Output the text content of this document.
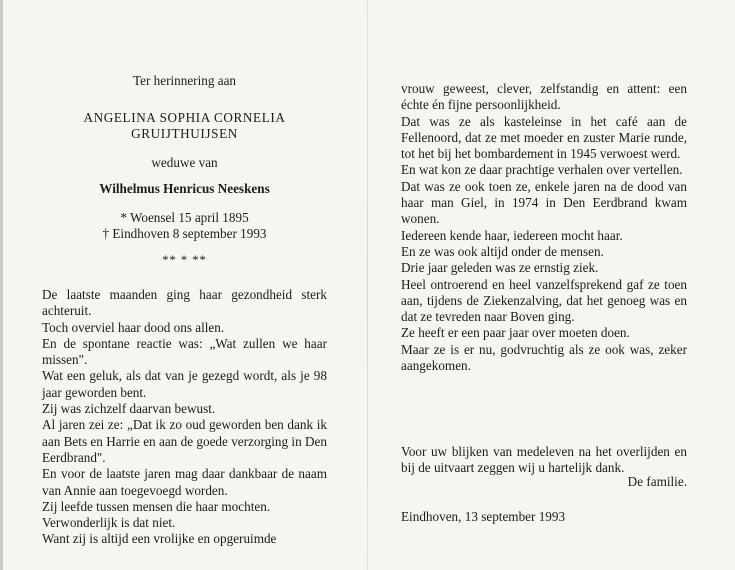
Ter herinnering aan
ANGELINA SOPHIA CORNELIA
GRUIJTHUIJSEN
weduwe van
Wilhelmus Henricus Neeskens
* Woensel 15 april 1895
† Eindhoven 8 september 1993
** * **

De laatste maanden ging haar gezondheid sterk achteruit.

Toch overviel haar dood ons allen.

En de spontane reactie was: „Wat zullen we haar missen".

Wat een geluk, als dat van je gezegd wordt, als je 98 jaar geworden bent.

Zij was zichzelf daarvan bewust.

Al jaren zei ze: „Dat ik zo oud geworden ben dank ik aan Bets en Harrie en aan de goede verzorging in Den Eerdbrand".

En voor de laatste jaren mag daar dankbaar de naam van Annie aan toegevoegd worden.

Zij leefde tussen mensen die haar mochten.

Verwonderlijk is dat niet.

Want zij is altijd een vrolijke en opgeruimde

vrouw geweest, clever, zelfstandig en attent: een échte én fijne persoonlijkheid.

Dat was ze als kasteleinse in het café aan de Fellenoord, dat ze met moeder en zuster Marie runde, tot het bij het bombardement in 1945 verwoest werd.

En wat kon ze daar prachtige verhalen over vertellen.

Dat was ze ook toen ze, enkele jaren na de dood van haar man Giel, in 1974 in Den Eerdbrand kwam wonen.

Iedereen kende haar, iedereen mocht haar.

En ze was ook altijd onder de mensen.

Drie jaar geleden was ze ernstig ziek.

Heel ontroerend en heel vanzelfsprekend gaf ze toen aan, tijdens de Ziekenzalving, dat het genoeg was en dat ze tevreden naar Boven ging.

Ze heeft er een paar jaar over moeten doen.

Maar ze is er nu, godvruchtig als ze ook was, zeker aangekomen.

Voor uw blijken van medeleven na het overlijden en bij de uitvaart zeggen wij u hartelijk dank.

De familie.
Eindhoven, 13 september 1993
